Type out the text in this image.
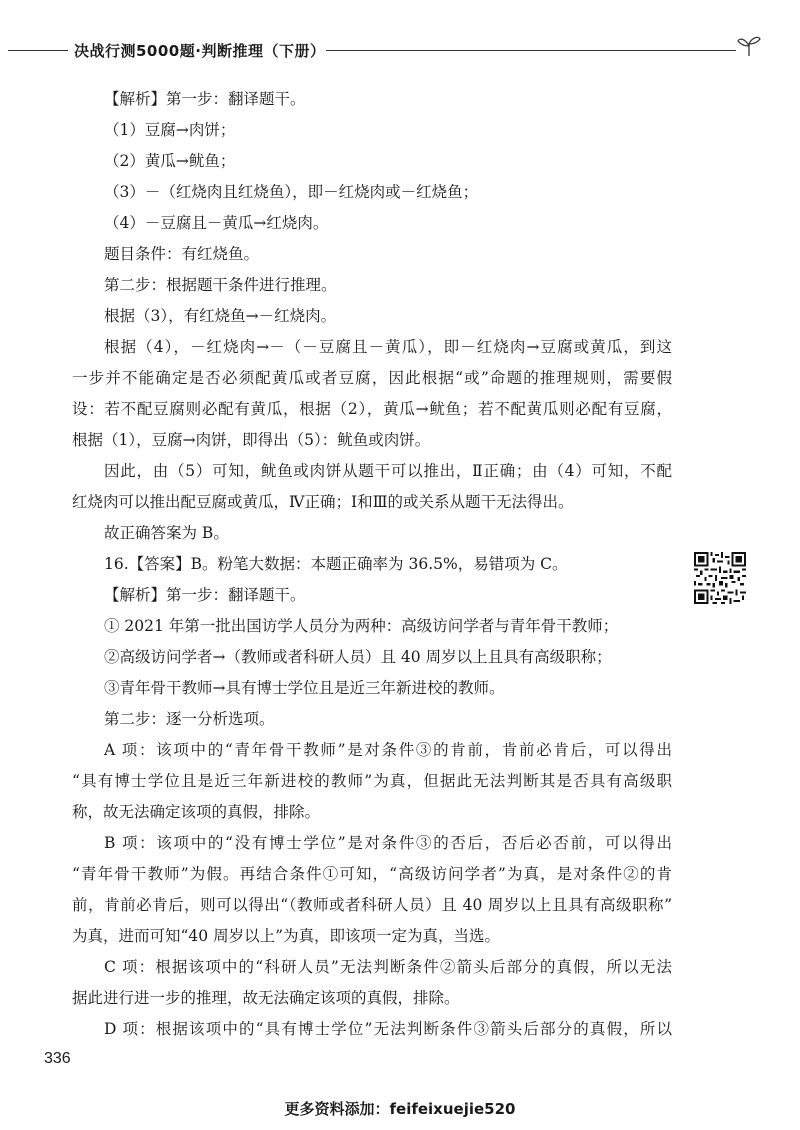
决战行测5000题·判断推理（下册）
【解析】第一步：翻译题干。
（1）豆腐→肉饼；
（2）黄瓜→鱿鱼；
（3）－（红烧肉且红烧鱼），即－红烧肉或－红烧鱼；
（4）－豆腐且－黄瓜→红烧肉。
题目条件：有红烧鱼。
第二步：根据题干条件进行推理。
根据（3），有红烧鱼→－红烧肉。
根据（4），－红烧肉→－（－豆腐且－黄瓜），即－红烧肉→豆腐或黄瓜，到这
一步并不能确定是否必须配黄瓜或者豆腐，因此根据“或”命题的推理规则，需要假
设：若不配豆腐则必配有黄瓜，根据（2），黄瓜→鱿鱼；若不配黄瓜则必配有豆腐，
根据（1），豆腐→肉饼，即得出（5）：鱿鱼或肉饼。
因此，由（5）可知，鱿鱼或肉饼从题干可以推出，Ⅱ正确；由（4）可知，不配
红烧肉可以推出配豆腐或黄瓜，Ⅳ正确；Ⅰ和Ⅲ的或关系从题干无法得出。
故正确答案为 B。
16.【答案】B。粉笔大数据：本题正确率为 36.5%，易错项为 C。
【解析】第一步：翻译题干。
① 2021 年第一批出国访学人员分为两种：高级访问学者与青年骨干教师；
②高级访问学者→（教师或者科研人员）且 40 周岁以上且具有高级职称；
③青年骨干教师→具有博士学位且是近三年新进校的教师。
第二步：逐一分析选项。
A 项：该项中的“青年骨干教师”是对条件③的肯前，肯前必肯后，可以得出
“具有博士学位且是近三年新进校的教师”为真，但据此无法判断其是否具有高级职
称，故无法确定该项的真假，排除。
B 项：该项中的“没有博士学位”是对条件③的否后，否后必否前，可以得出
“青年骨干教师”为假。再结合条件①可知，“高级访问学者”为真，是对条件②的肯
前，肯前必肯后，则可以得出“（教师或者科研人员）且 40 周岁以上且具有高级职称”
为真，进而可知“40 周岁以上”为真，即该项一定为真，当选。
C 项：根据该项中的“科研人员”无法判断条件②箭头后部分的真假，所以无法
据此进行进一步的推理，故无法确定该项的真假，排除。
D 项：根据该项中的“具有博士学位”无法判断条件③箭头后部分的真假，所以
336
更多资料添加：feifeixuejie520
